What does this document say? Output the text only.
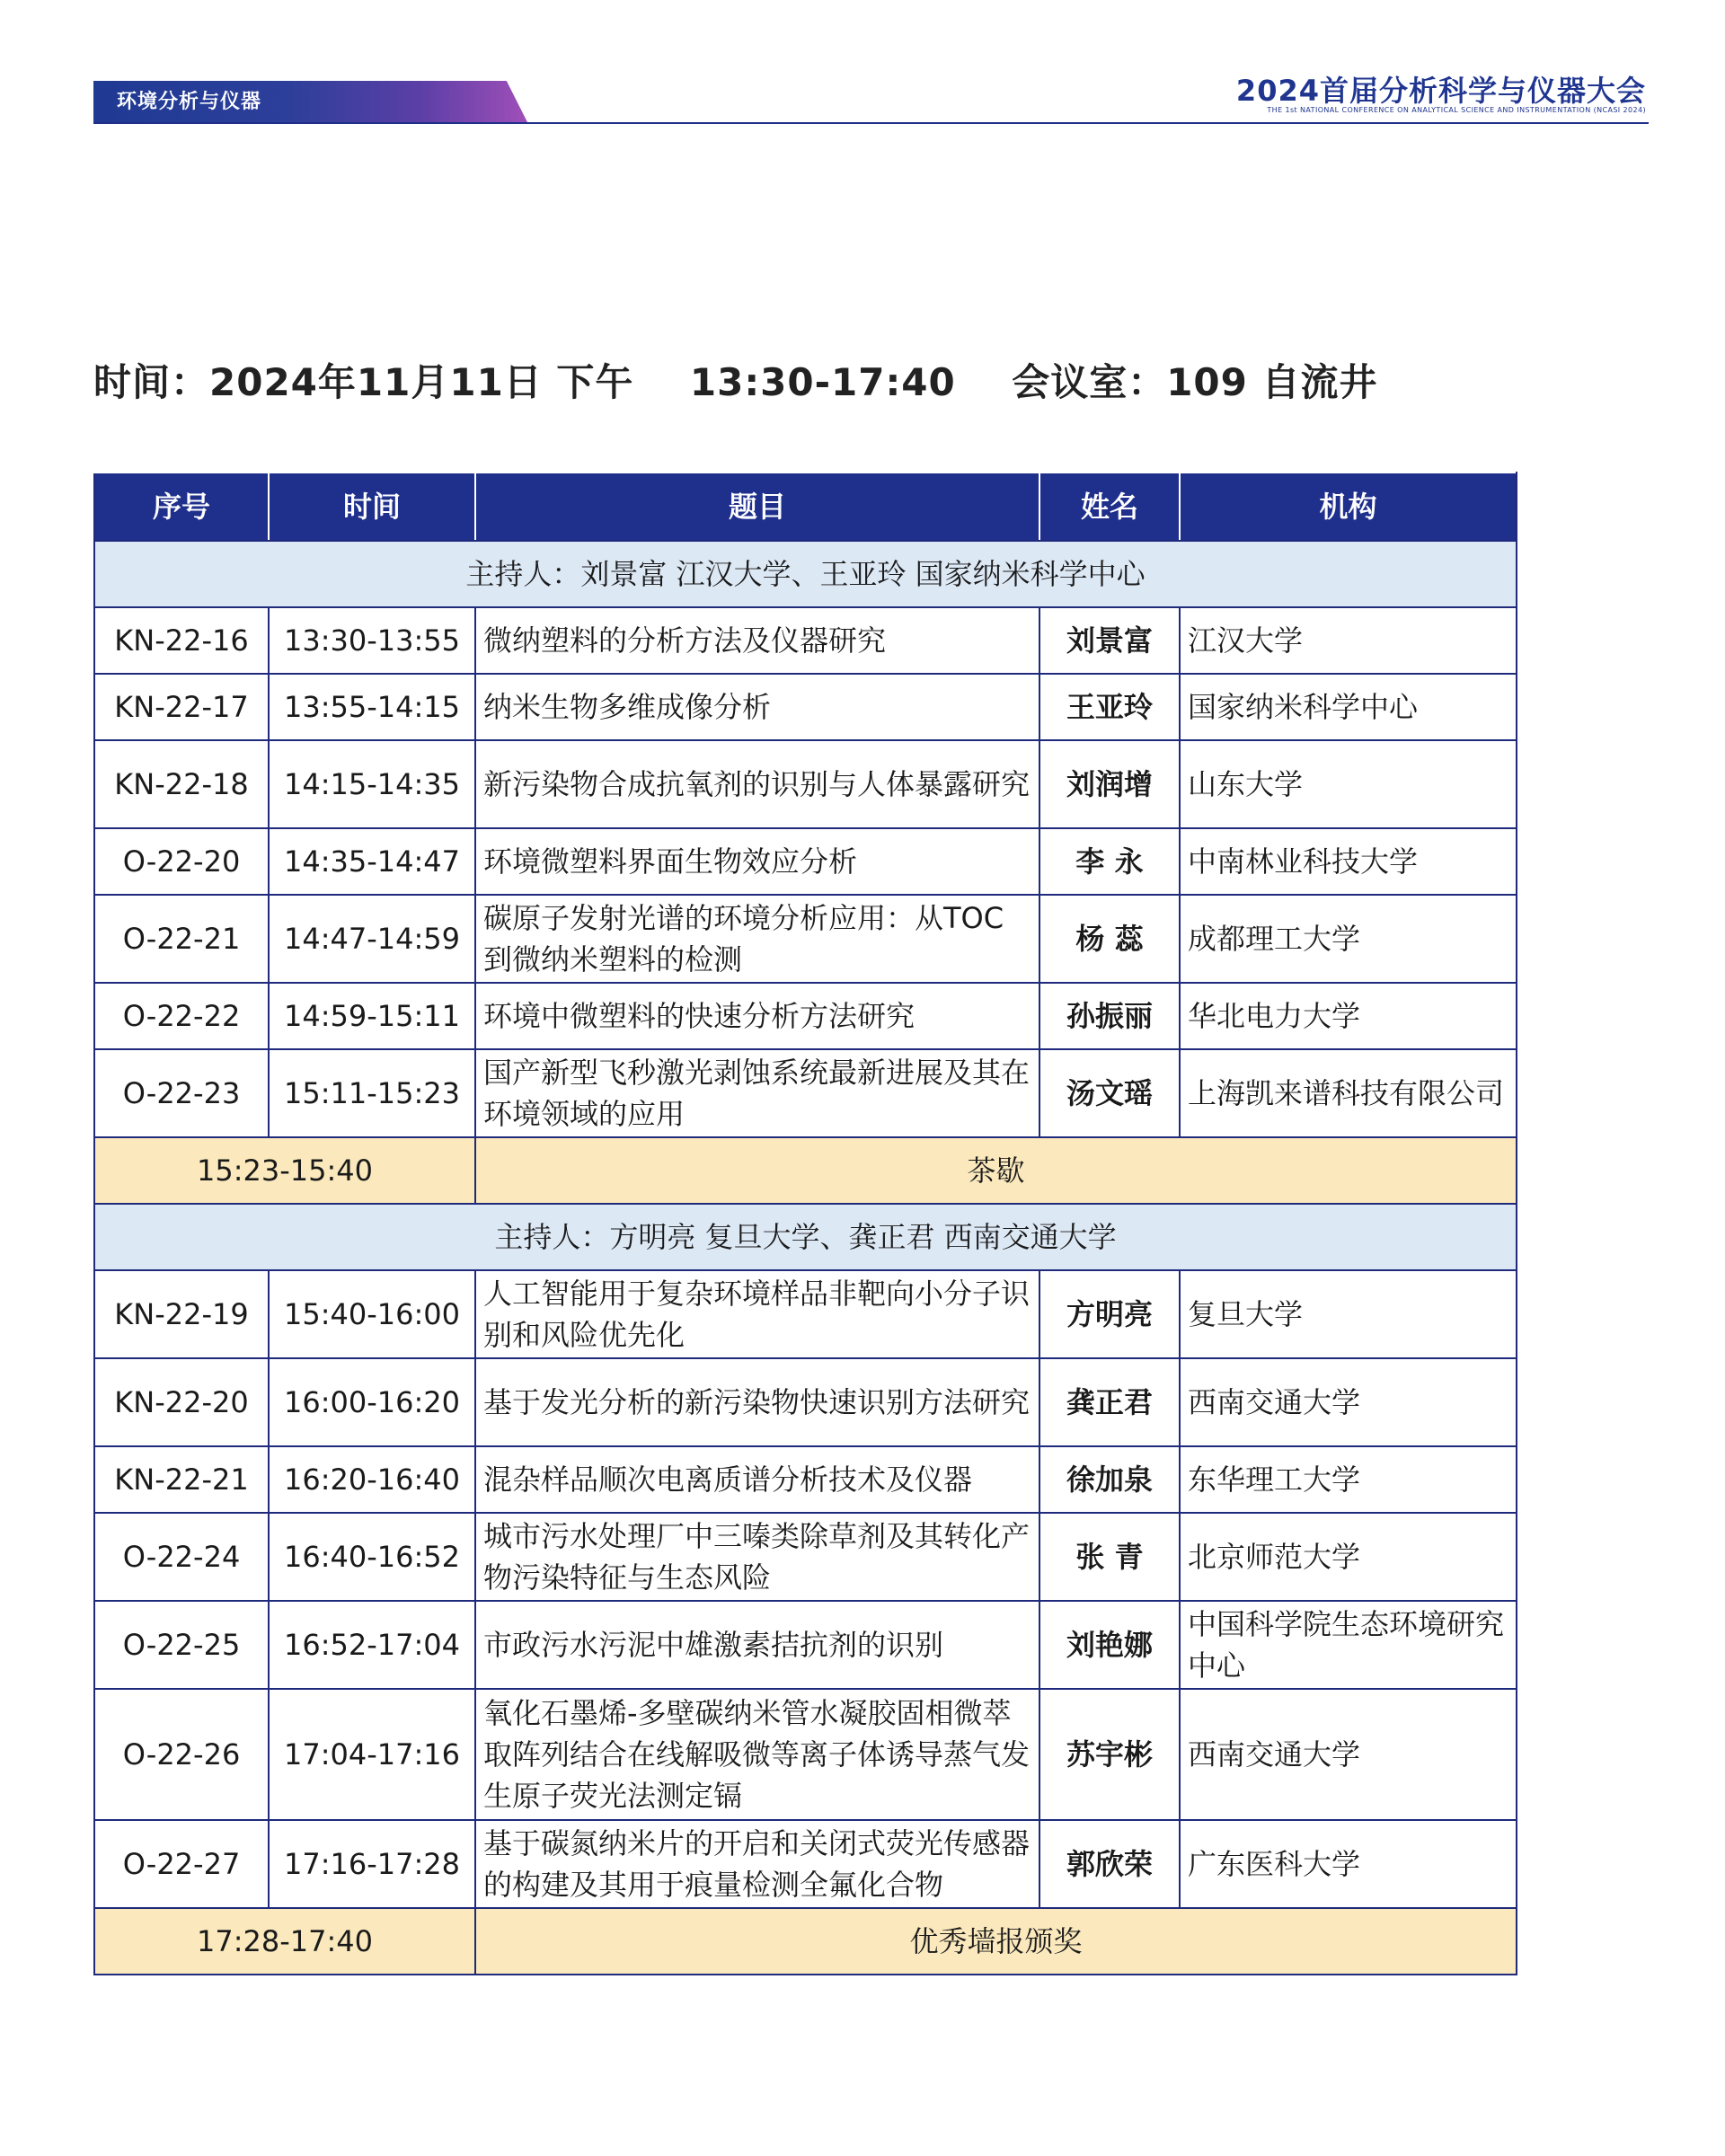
环境分析与仪器	2024首届分析科学与仪器大会
THE 1st NATIONAL CONFERENCE ON ANALYTICAL SCIENCE AND INSTRUMENTATION (NCASI 2024)
时间：2024年11月11日 下午    13:30-17:40    会议室：109 自流井
序号	时间	题目	姓名	机构
主持人：刘景富 江汉大学、王亚玲 国家纳米科学中心				
KN-22-16	13:30-13:55	微纳塑料的分析方法及仪器研究	刘景富	江汉大学
KN-22-17	13:55-14:15	纳米生物多维成像分析	王亚玲	国家纳米科学中心
KN-22-18	14:15-14:35	新污染物合成抗氧剂的识别与人体暴露研究	刘润增	山东大学
O-22-20	14:35-14:47	环境微塑料界面生物效应分析	李 永	中南林业科技大学
O-22-21	14:47-14:59	碳原子发射光谱的环境分析应用：从TOC到微纳米塑料的检测	杨 蕊	成都理工大学
O-22-22	14:59-15:11	环境中微塑料的快速分析方法研究	孙振丽	华北电力大学
O-22-23	15:11-15:23	国产新型飞秒激光剥蚀系统最新进展及其在环境领域的应用	汤文瑶	上海凯来谱科技有限公司
15:23-15:40		茶歇		
主持人：方明亮 复旦大学、龚正君 西南交通大学				
KN-22-19	15:40-16:00	人工智能用于复杂环境样品非靶向小分子识别和风险优先化	方明亮	复旦大学
KN-22-20	16:00-16:20	基于发光分析的新污染物快速识别方法研究	龚正君	西南交通大学
KN-22-21	16:20-16:40	混杂样品顺次电离质谱分析技术及仪器	徐加泉	东华理工大学
O-22-24	16:40-16:52	城市污水处理厂中三嗪类除草剂及其转化产物污染特征与生态风险	张 青	北京师范大学
O-22-25	16:52-17:04	市政污水污泥中雄激素拮抗剂的识别	刘艳娜	中国科学院生态环境研究中心
O-22-26	17:04-17:16	氧化石墨烯-多壁碳纳米管水凝胶固相微萃取阵列结合在线解吸微等离子体诱导蒸气发生原子荧光法测定镉	苏宇彬	西南交通大学
O-22-27	17:16-17:28	基于碳氮纳米片的开启和关闭式荧光传感器的构建及其用于痕量检测全氟化合物	郭欣荣	广东医科大学
17:28-17:40		优秀墙报颁奖		
